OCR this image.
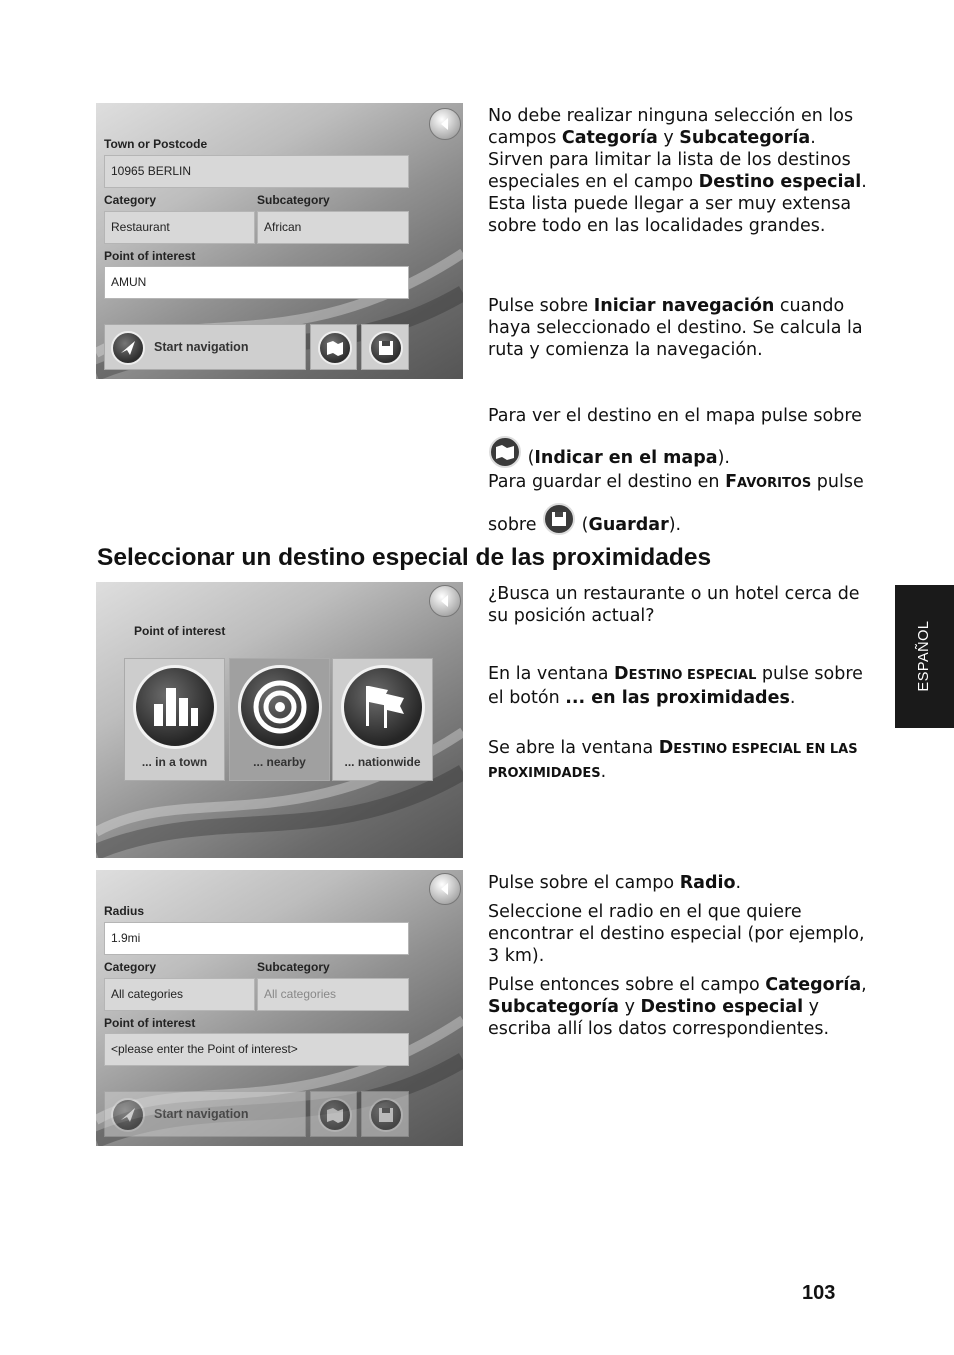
Town or Postcode
10965 BERLIN
Category	Subcategory
Restaurant	African
Point of interest
AMUN
Start navigation
No debe realizar ninguna selección en los campos Categoría y Subcategoría. Sirven para limitar la lista de los destinos especiales en el campo Destino especial. Esta lista puede llegar a ser muy extensa sobre todo en las localidades grandes.
Pulse sobre Iniciar navegación cuando haya seleccionado el destino. Se calcula la ruta y comienza la navegación.
Para ver el destino en el mapa pulse sobre  (Indicar en el mapa).
Para guardar el destino en FAVORITOS pulse sobre  (Guardar).
Seleccionar un destino especial de las proximidades
Point of interest
... in a town	... nearby	... nationwide
¿Busca un restaurante o un hotel cerca de su posición actual?
En la ventana DESTINO ESPECIAL pulse sobre el botón ... en las proximidades.
Se abre la ventana DESTINO ESPECIAL EN LAS PROXIMIDADES.
Radius
1.9mi
Category	Subcategory
All categories	All categories
Point of interest
<please enter the Point of interest>
Start navigation
Pulse sobre el campo Radio.
Seleccione el radio en el que quiere encontrar el destino especial (por ejemplo, 3 km).
Pulse entonces sobre el campo Categoría, Subcategoría y Destino especial y escriba allí los datos correspondientes.
ESPAÑOL
103
